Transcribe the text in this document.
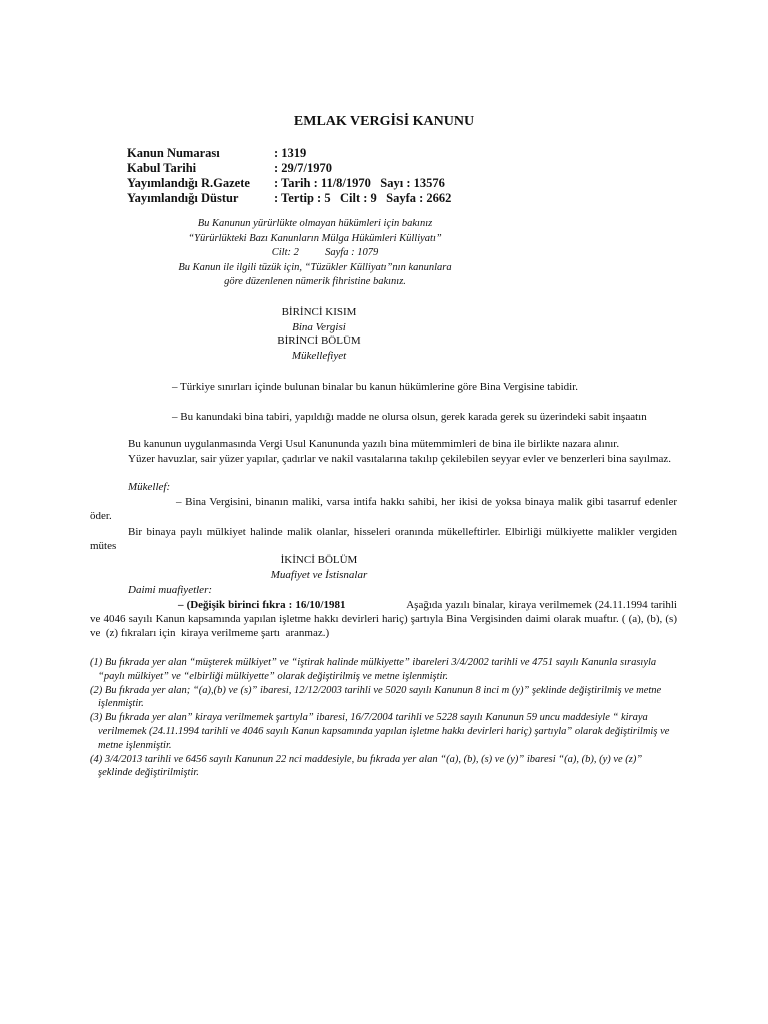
EMLAK VERGİSİ KANUNU
Kanun Numarası	: 1319
Kabul Tarihi	: 29/7/1970
Yayımlandığı R.Gazete	: Tarih : 11/8/1970   Sayı : 13576
Yayımlandığı Düstur	: Tertip : 5   Cilt : 9   Sayfa : 2662
Bu Kanunun yürürlükte olmayan hükümleri için bakınız
“Yürürlükteki Bazı Kanunların Mülga Hükümleri Külliyatı”
Cilt: 2          Sayfa : 1079
Bu Kanun ile ilgili tüzük için, “Tüzükler Külliyatı”nın kanunlara
göre düzenlenen nümerik fihristine bakınız.
BİRİNCİ KISIM
Bina Vergisi
BİRİNCİ BÖLÜM
Mükellefiyet
– Türkiye sınırları içinde bulunan binalar bu kanun hükümlerine göre Bina Vergisine tabidir.
– Bu kanundaki bina tabiri, yapıldığı madde ne olursa olsun, gerek karada gerek su üzerindeki sabit inşaatın
Bu kanunun uygulanmasında Vergi Usul Kanununda yazılı bina mütemmimleri de bina ile birlikte nazara alınır.
Yüzer havuzlar, sair yüzer yapılar, çadırlar ve nakil vasıtalarına takılıp çekilebilen seyyar evler ve benzerleri bina sayılmaz.
Mükellef:
– Bina Vergisini, binanın maliki, varsa intifa hakkı sahibi, her ikisi de yoksa binaya malik gibi tasarruf edenler öder.
Bir binaya paylı mülkiyet halinde malik olanlar, hisseleri oranında mükelleftirler. Elbirliği mülkiyette malikler vergiden mütes
İKİNCİ BÖLÜM
Muafiyet ve İstisnalar
Daimi muafiyetler:
– (Değişik birinci fıkra : 16/10/1981	Aşağıda yazılı binalar, kiraya verilmemek (24.11.1994 tarihli ve 4046 sayılı Kanun kapsamında yapılan işletme hakkı devirleri hariç) şartıyla Bina Vergisinden daimi olarak muaftır. ( (a), (b), (s)        ve  (z) fıkraları için  kiraya verilmeme şartı  aranmaz.)

(1) Bu fıkrada yer alan “müşterek mülkiyet” ve “iştirak halinde mülkiyette” ibareleri 3/4/2002 tarihli ve 4751 sayılı Kanunla sırasıyla “paylı mülkiyet” ve “elbirliği mülkiyette” olarak değiştirilmiş ve metne işlenmiştir.

(2) Bu fıkrada yer alan; “(a),(b) ve (s)” ibaresi, 12/12/2003 tarihli ve 5020 sayılı Kanunun 8 inci m (y)” şeklinde değiştirilmiş ve metne işlenmiştir.

(3) Bu fıkrada yer alan” kiraya verilmemek şartıyla” ibaresi, 16/7/2004 tarihli ve 5228 sayılı Kanunun 59 uncu maddesiyle “ kiraya verilmemek (24.11.1994 tarihli ve 4046 sayılı Kanun kapsamında yapılan işletme hakkı devirleri hariç) şartıyla” olarak değiştirilmiş ve metne işlenmiştir.

(4) 3/4/2013 tarihli ve 6456 sayılı Kanunun 22 nci maddesiyle, bu fıkrada yer alan “(a), (b), (s) ve (y)” ibaresi “(a), (b), (y) ve (z)” şeklinde değiştirilmiştir.
